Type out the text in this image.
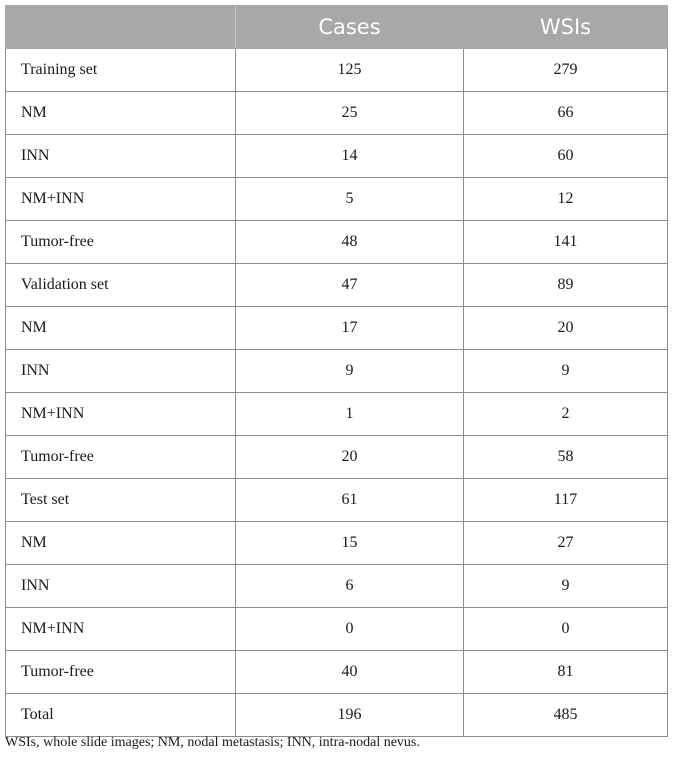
	Cases	WSIs
Training set	125	279
NM	25	66
INN	14	60
NM+INN	5	12
Tumor-free	48	141
Validation set	47	89
NM	17	20
INN	9	9
NM+INN	1	2
Tumor-free	20	58
Test set	61	117
NM	15	27
INN	6	9
NM+INN	0	0
Tumor-free	40	81
Total	196	485
WSIs, whole slide images; NM, nodal metastasis; INN, intra-nodal nevus.
